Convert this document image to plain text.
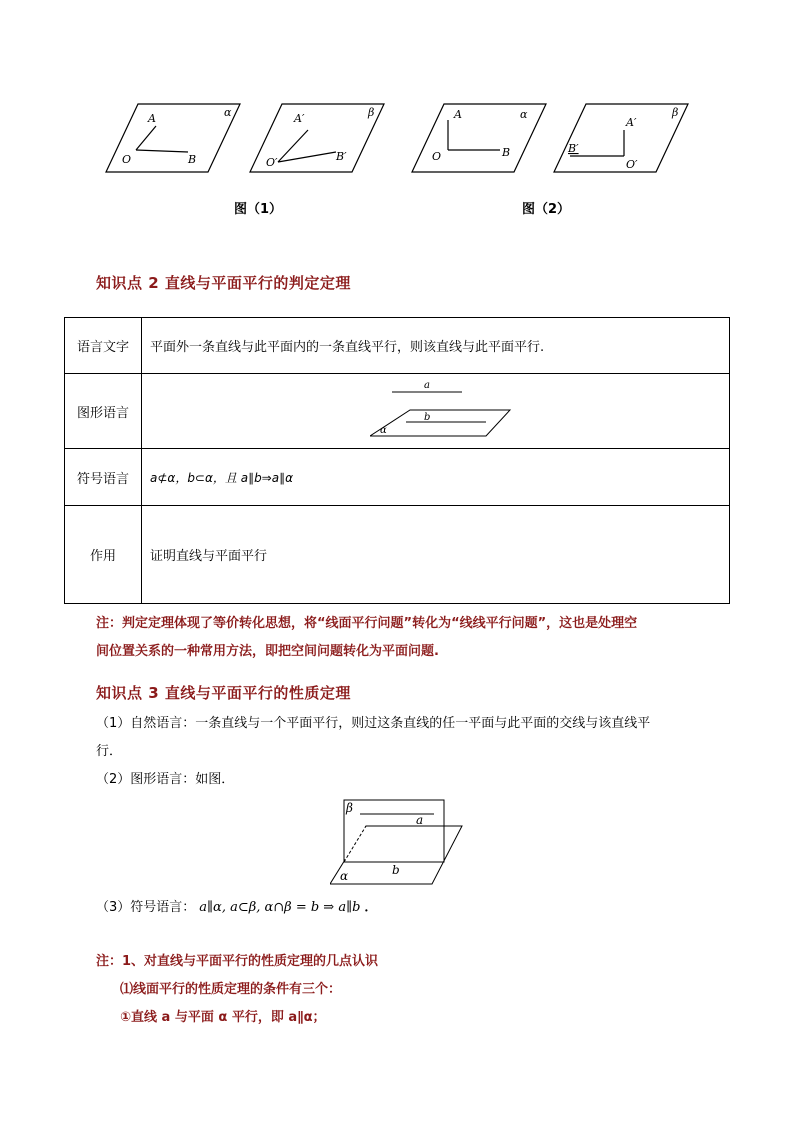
A
O	B
α	A′
O′	B′
β	A
O	B
α
A′
B′
O′
β
图（1）	图（2）
知识点 2 直线与平面平行的判定定理
语言文字	平面外一条直线与此平面内的一条直线平行，则该直线与此平面平行.
图形语言	a
b
α

符号语言	a⊄α，b⊂α，且 a∥b⇒a∥α
作用	证明直线与平面平行
注：判定定理体现了等价转化思想，将“线面平行问题”转化为“线线平行问题”，这也是处理空
间位置关系的一种常用方法，即把空间问题转化为平面问题.
知识点 3 直线与平面平行的性质定理
（1）自然语言：一条直线与一个平面平行，则过这条直线的任一平面与此平面的交线与该直线平
行．
（2）图形语言：如图．
β
a
b
α
（3）符号语言： a∥α, a⊂β, α∩β = b ⇒ a∥b ．
注：1、对直线与平面平行的性质定理的几点认识
⑴线面平行的性质定理的条件有三个：
①直线 a 与平面 α 平行，即 a∥α；
